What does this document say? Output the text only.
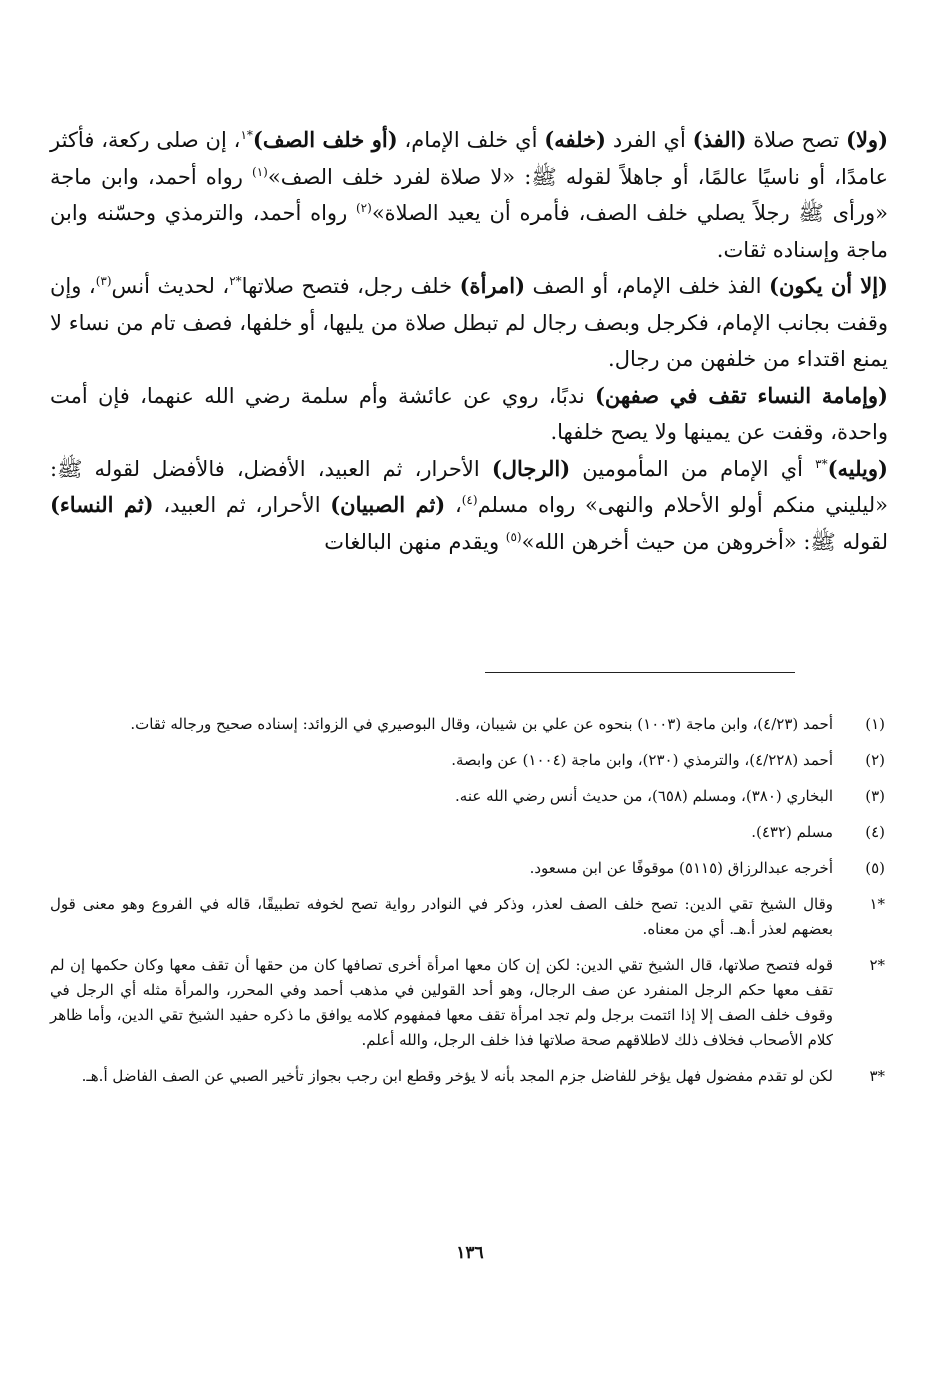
(ولا) تصح صلاة (الفذ) أي الفرد (خلفه) أي خلف الإمام، (أو خلف الصف)$^{*١}$، إن صلى ركعة، فأكثر عامدًا، أو ناسيًا عالمًا، أو جاهلاً لقوله ﷺ: «لا صلاة لفرد خلف الصف»$^{(١)}$ رواه أحمد، وابن ماجة «ورأى ﷺ رجلاً يصلي خلف الصف، فأمره أن يعيد الصلاة»$^{(٢)}$ رواه أحمد، والترمذي وحسّنه وابن ماجة وإسناده ثقات.

(إلا أن يكون) الفذ خلف الإمام، أو الصف (امرأة) خلف رجل، فتصح صلاتها$^{*٢}$، لحديث أنس$^{(٣)}$، وإن وقفت بجانب الإمام، فكرجل وبصف رجال لم تبطل صلاة من يليها، أو خلفها، فصف تام من نساء لا يمنع اقتداء من خلفهن من رجال.

(وإمامة النساء تقف في صفهن) ندبًا، روي عن عائشة وأم سلمة رضي الله عنهما، فإن أمت واحدة، وقفت عن يمينها ولا يصح خلفها.

(ويليه)$^{*٣}$ أي الإمام من المأمومين (الرجال) الأحرار، ثم العبيد، الأفضل، فالأفضل لقوله ﷺ: «ليليني منكم أولو الأحلام والنهى» رواه مسلم$^{(٤)}$، (ثم الصبيان) الأحرار، ثم العبيد، (ثم النساء) لقوله ﷺ: «أخروهن من حيث أخرهن الله»$^{(٥)}$ ويقدم منهن البالغات

(١)
أحمد (٤/٢٣)، وابن ماجة (١٠٠٣) بنحوه عن علي بن شيبان، وقال البوصيري في الزوائد: إسناده صحيح ورجاله ثقات.
(٢)
أحمد (٤/٢٢٨)، والترمذي (٢٣٠)، وابن ماجة (١٠٠٤) عن وابصة.
(٣)
البخاري (٣٨٠)، ومسلم (٦٥٨)، من حديث أنس رضي الله عنه.
(٤)
مسلم (٤٣٢).
(٥)
أخرجه عبدالرزاق (٥١١٥) موقوفًا عن ابن مسعود.
*١
وقال الشيخ تقي الدين: تصح خلف الصف لعذر، وذكر في النوادر رواية تصح لخوفه تطبيقًا، قاله في الفروع وهو معنى قول بعضهم لعذر أ.هـ. أي من معناه.
*٢
قوله فتصح صلاتها، قال الشيخ تقي الدين: لكن إن كان معها امرأة أخرى تصافها كان من حقها أن تقف معها وكان حكمها إن لم تقف معها حكم الرجل المنفرد عن صف الرجال، وهو أحد القولين في مذهب أحمد وفي المحرر، والمرأة مثله أي الرجل في وقوف خلف الصف إلا إذا ائتمت برجل ولم تجد امرأة تقف معها فمفهوم كلامه يوافق ما ذكره حفيد الشيخ تقي الدين، وأما ظاهر كلام الأصحاب فخلاف ذلك لاطلاقهم صحة صلاتها فذا خلف الرجل، والله أعلم.
*٣
لكن لو تقدم مفضول فهل يؤخر للفاضل جزم المجد بأنه لا يؤخر وقطع ابن رجب بجواز تأخير الصبي عن الصف الفاضل أ.هـ.
١٣٦
